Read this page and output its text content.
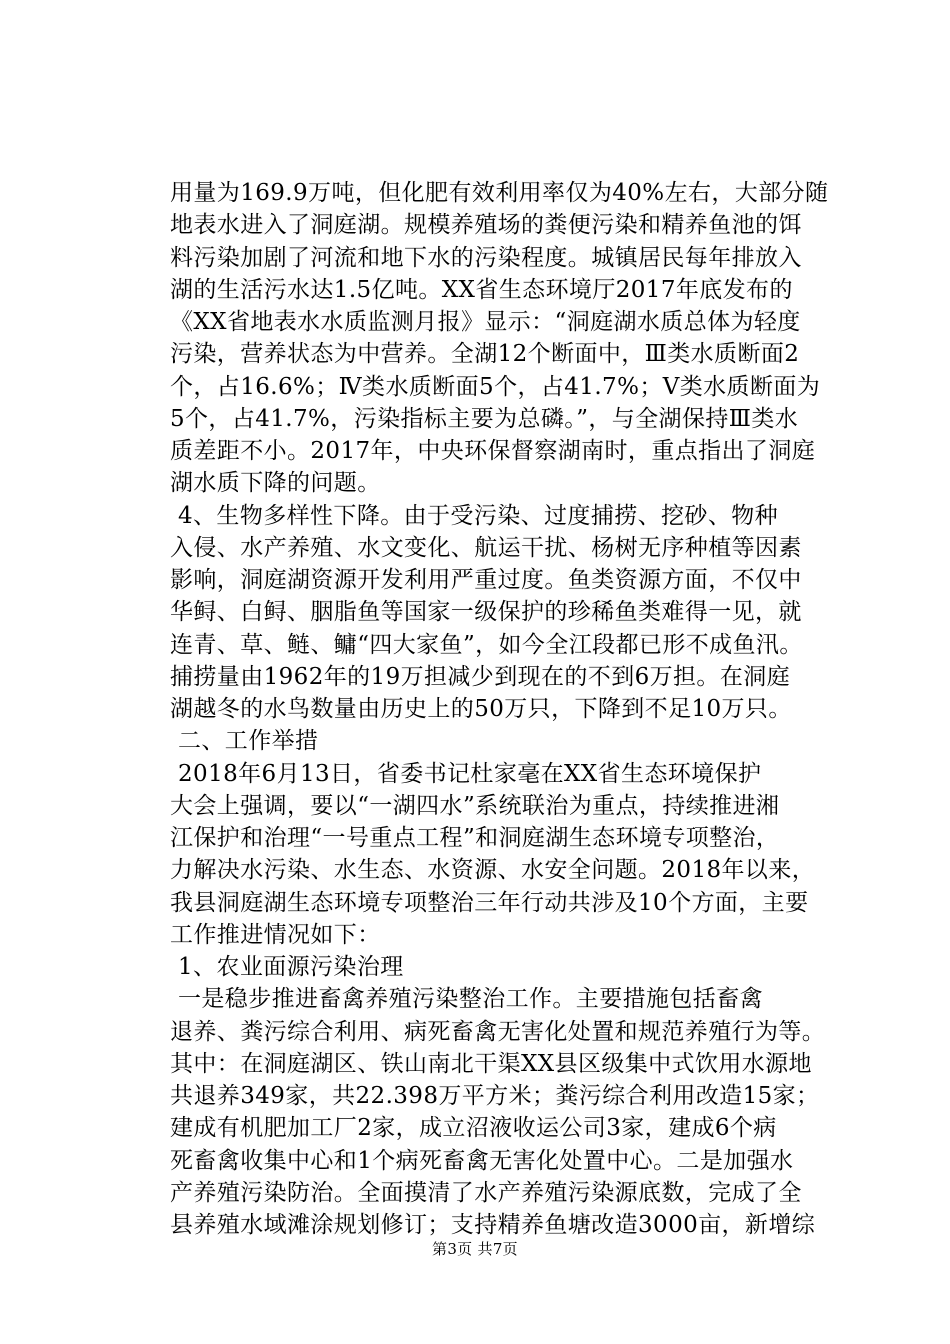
用量为169.9万吨，但化肥有效利用率仅为40%左右，大部分随
地表水进入了洞庭湖。规模养殖场的粪便污染和精养鱼池的饵
料污染加剧了河流和地下水的污染程度。城镇居民每年排放入
湖的生活污水达1.5亿吨。XX省生态环境厅2017年底发布的
《XX省地表水水质监测月报》显示：“洞庭湖水质总体为轻度
污染，营养状态为中营养。全湖12个断面中，Ⅲ类水质断面2
个，占16.6%；Ⅳ类水质断面5个，占41.7%；Ⅴ类水质断面为
5个，占41.7%，污染指标主要为总磷。”，与全湖保持Ⅲ类水
质差距不小。2017年，中央环保督察湖南时，重点指出了洞庭
湖水质下降的问题。
4、生物多样性下降。由于受污染、过度捕捞、挖砂、物种
入侵、水产养殖、水文变化、航运干扰、杨树无序种植等因素
影响，洞庭湖资源开发利用严重过度。鱼类资源方面，不仅中
华鲟、白鲟、胭脂鱼等国家一级保护的珍稀鱼类难得一见，就
连青、草、鲢、鳙“四大家鱼”，如今全江段都已形不成鱼汛。
捕捞量由1962年的19万担减少到现在的不到6万担。在洞庭
湖越冬的水鸟数量由历史上的50万只，下降到不足10万只。
二、工作举措
2018年6月13日，省委书记杜家毫在XX省生态环境保护
大会上强调，要以“一湖四水”系统联治为重点，持续推进湘
江保护和治理“一号重点工程”和洞庭湖生态环境专项整治，
力解决水污染、水生态、水资源、水安全问题。2018年以来，
我县洞庭湖生态环境专项整治三年行动共涉及10个方面，主要
工作推进情况如下：
1、农业面源污染治理
一是稳步推进畜禽养殖污染整治工作。主要措施包括畜禽
退养、粪污综合利用、病死畜禽无害化处置和规范养殖行为等。
其中：在洞庭湖区、铁山南北干渠XX县区级集中式饮用水源地
共退养349家，共22.398万平方米；粪污综合利用改造15家；
建成有机肥加工厂2家，成立沼液收运公司3家，建成6个病
死畜禽收集中心和1个病死畜禽无害化处置中心。二是加强水
产养殖污染防治。全面摸清了水产养殖污染源底数，完成了全
县养殖水域滩涂规划修订；支持精养鱼塘改造3000亩，新增综
第3页 共7页
